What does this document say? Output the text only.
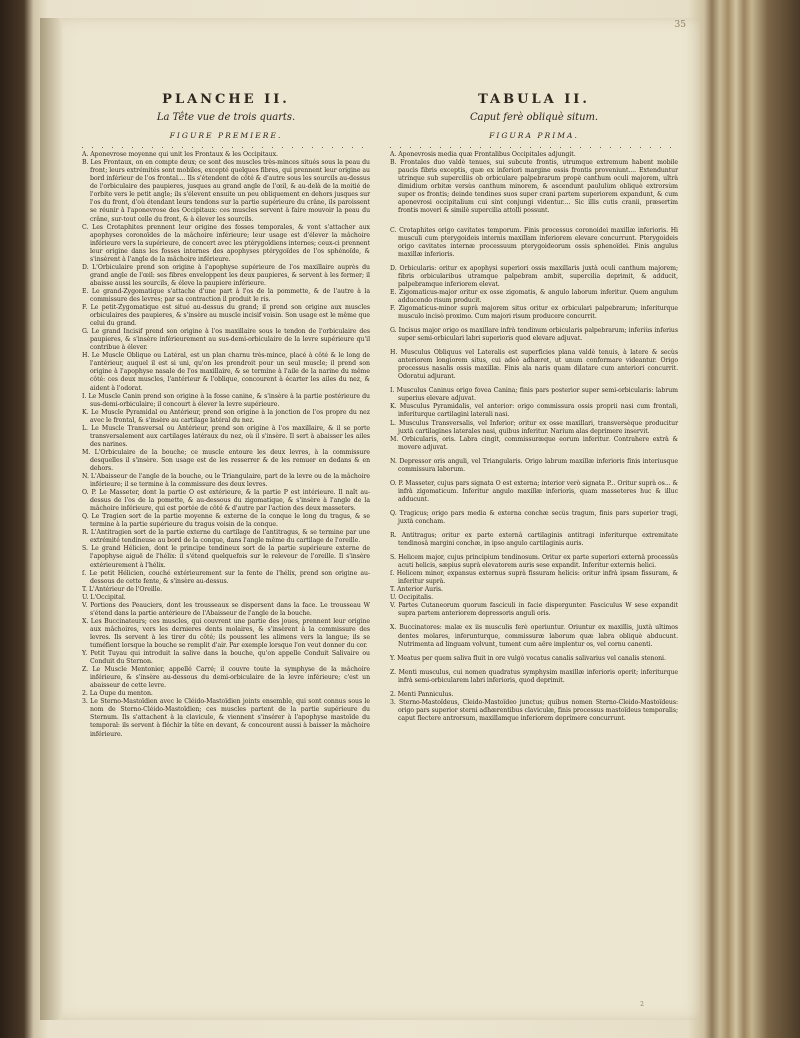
35
PLANCHE II.
La Tête vue de trois quarts.
FIGURE PREMIERE.
A. Aponevrose moyenne qui unit les Frontaux & les Occipitaux.
B. Les Frontaux, on en compte deux; ce sont des muscles très-minces situés sous la peau du front; leurs extrémités sont mobiles, excepté quelques fibres, qui prennent leur origine au bord inférieur de l'os frontal.... Ils s'étendent de côté & d'autre sous les sourcils au-dessus de l'orbiculaire des paupieres, jusques au grand angle de l'œil, & au-delà de la moitié de l'orbite vers le petit angle; ils s'élevent ensuite un peu obliquement en dehors jusques sur l'os du front, d'où étendant leurs tendons sur la partie supérieure du crâne, ils paroissent se réunir à l'aponevrose des Occipitaux: ces muscles servent à faire mouvoir la peau du crâne, sur-tout celle du front, & à élever les sourcils.
C. Les Crotaphites prennent leur origine des fosses temporales, & vont s'attacher aux apophyses coronoïdes de la mâchoire inférieure; leur usage est d'élever la mâchoire inférieure vers la supérieure, de concert avec les ptérygoïdiens internes; ceux-ci prennent leur origine dans les fosses internes des apophyses ptérygoïdes de l'os sphénoïde, & s'insèrent à l'angle de la mâchoire inférieure.
D. L'Orbiculaire prend son origine à l'apophyse supérieure de l'os maxillaire auprès du grand angle de l'œil: ses fibres enveloppent les deux paupieres, & servent à les fermer; il abaisse aussi les sourcils, & éleve la paupiere inférieure.
E. Le grand-Zygomatique s'attache d'une part à l'os de la pommette, & de l'autre à la commissure des levres; par sa contraction il produit le ris.
F. Le petit-Zygomatique est situé au-dessus du grand; il prend son origine aux muscles orbiculaires des paupieres, & s'insère au muscle incisif voisin. Son usage est le même que celui du grand.
G. Le grand Incisif prend son origine à l'os maxillaire sous le tendon de l'orbiculaire des paupieres, & s'insère inférieurement au sus-demi-orbiculaire de la levre supérieure qu'il contribue à élever.
H. Le Muscle Oblique ou Latéral, est un plan charnu très-mince, placé à côté & le long de l'antérieur, auquel il est si uni, qu'on les prendroit pour un seul muscle; il prend son origine à l'apophyse nasale de l'os maxillaire, & se termine à l'aile de la narine du même côté: ces deux muscles, l'antérieur & l'oblique, concourent à écarter les ailes du nez, & aident à l'odorat.
I. Le Muscle Canin prend son origine à la fosse canine, & s'insère à la partie postérieure du sus-demi-orbiculaire; il concourt à élever la levre supérieure.
K. Le Muscle Pyramidal ou Antérieur, prend son origine à la jonction de l'os propre du nez avec le frontal, & s'insère au cartilage latéral du nez.
L. Le Muscle Transversal ou Antérieur, prend son origine à l'os maxillaire, & il se porte transversalement aux cartilages latéraux du nez, où il s'insère. Il sert à abaisser les ailes des narines.
M. L'Orbiculaire de la bouche; ce muscle entoure les deux levres, à la commissure desquelles il s'insère. Son usage est de les resserrer & de les remuer en dedans & en dehors.
N. L'Abaisseur de l'angle de la bouche, ou le Triangulaire, part de la levre ou de la mâchoire inférieure; il se termine à la commissure des deux levres.
O. P. Le Masseter, dont la partie O est extérieure, & la partie P est intérieure. Il naît au-dessus de l'os de la pomette, & au-dessous du zigomatique, & s'insère à l'angle de la mâchoire inférieure, qui est portée de côté & d'autre par l'action des deux masseters.
Q. Le Tragien sort de la partie moyenne & externe de la conque le long du tragus, & se termine à la partie supérieure du tragus voisin de la conque.
R. L'Antitragien sort de la partie externe du cartilage de l'antitragus, & se termine par une extrémité tendineuse au bord de la conque, dans l'angle même du cartilage de l'oreille.
S. Le grand Hélicien, dont le principe tendineux sort de la partie supérieure externe de l'apophyse aiguë de l'hélix: il s'étend quelquefois sur le releveur de l'oreille. Il s'insère extérieurement à l'hélix.
ſ. Le petit Hélicien, couché extérieurement sur la fente de l'hélix, prend son origine au-dessous de cette fente, & s'insère au-dessus.
T. L'Antérieur de l'Oreille.
U. L'Occipital.
V. Portions des Peauciers, dont les trousseaux se dispersent dans la face. Le trousseau W s'étend dans la partie antérieure de l'Abaisseur de l'angle de la bouche.
X. Les Buccinateurs; ces muscles, qui couvrent une partie des joues, prennent leur origine aux mâchoires, vers les dernieres dents molaires, & s'insèrent à la commissure des levres. Ils servent à les tirer du côté; ils poussent les alimens vers la langue; ils se tuméfient lorsque la bouche se remplit d'air. Par exemple lorsque l'on veut donner du cor.
Y. Petit Tuyau qui introduit la salive dans la bouche, qu'on appelle Conduit Salivaire ou Conduit du Sternon.
Z. Le Muscle Mentonier, appellé Carré; il couvre toute la symphyse de la mâchoire inférieure, & s'insère au-dessous du demi-orbiculaire de la levre inférieure; c'est un abaisseur de cette levre.
2. La Oupe du menton.
3. Le Sterno-Mastoïdien avec le Cléido-Mastoïdien joints ensemble, qui sont connus sous le nom de Sterno-Cléido-Mastoïdien; ces muscles partent de la partie supérieure du Sternum. Ils s'attachent à la clavicule, & viennent s'insérer à l'apophyse mastoïde du temporal: ils servent à fléchir la tête en devant, & concourent aussi à baisser la mâchoire inférieure.
TABULA II.
Caput ferè obliquè situm.
FIGURA PRIMA.
A. Aponevrosis media quæ Frontalibus Occipitales adjungit.
B. Frontales duo valdè tenues, sui subcute frontis, utrumque extremum habent mobile paucis fibris exceptis, quæ ex inferiori margine ossis frontis proveniunt.... Extenduntur utrinque sub superciliis ob orbiculare palpebrarum propè canthum oculi majorem, ultrà dimidium orbitæ versùs canthum minorem, & ascendunt paululùm obliquè extrorsùm super os frontis; deinde tendines suos super crani partem superiorem expandunt, & cum aponevrosi occipitalium cui sint conjungi videntur.... Sic illis cutis cranii, præsertim frontis moveri & similè supercilia attolli possunt.
C. Crotaphites origo cavitates temporum. Finis processus coronoidei maxillæ inferioris. Hi musculi cum pterygoideis internis maxillam inferiorem elevare concurrunt. Pterygoideis origo cavitates internæ processuum pterygoideorum ossis sphenoïdei. Finis angulus maxillæ inferioris.
D. Orbicularis: oritur ex apophysi superiori ossis maxillaris juxtà oculi canthum majorem; fibris orbicularibus utramque palpebram ambit, supercilia deprimit, & adducit, palpebramque inferiorem elevat.
E. Zigomaticus-major oritur ex osse zigomatis, & angulo laborum inferitur. Quem angulum adducendo risum producit.
F. Zigomaticus-minor suprà majorem situs oritur ex orbiculari palpebrarum; inferiturque musculo incisò proximo. Cum majori risum producere concurrit.
G. Incisus major origo os maxillare infrà tendinum orbicularis palpebrarum; inferiùs inferius super semi-orbiculari labri superioris quod elevare adjuvat.
H. Musculus Obliquus vel Lateralis est superficies plana valdè tenuis, à latere & secùs anteriorem longiorem situs, cui adeò adhæret, ut unum conformare videantur. Origo processus nasalis ossis maxillæ. Finis ala naris quam dilatare cum anteriori concurrit. Odoratui adjurant.
I. Musculus Caninus origo fovea Canina; finis pars posterior super semi-orbicularis: labrum superius elevare adjuvat.
K. Musculus Pyramidalis, vel anterior: origo commissura ossis proprii nasi cum frontali, inferiturque cartilagini laterali nasi.
L. Musculus Transversalis, vel Inferior; oritur ex osse maxillari, transversèque producitur juxtà cartilagines laterales nasi, quibus inferitur. Narium alas deprimere inservit.
M. Orbicularis, oris. Labra cingit, commissuræque eorum inferitur. Contrahere extrà & movere adjuvat.
N. Depressor oris anguli, vel Triangularis. Origo labrum maxillæ inferioris finis interiusque commissura laborum.
O. P. Masseter, cujus pars signata O est externa; interior verò signata P... Oritur suprà os... & infrà zigomaticum. Inferitur angulo maxillæ inferioris, quam masseteres huc & illuc adducunt.
Q. Tragicus; origo pars media & externa conchæ secùs tragum, finis pars superior tragi, juxtà concham.
R. Antitragus; oritur ex parte externâ cartilaginis antitragi inferiturque extremitate tendinosâ margini conchæ, in ipso angulo cartilaginis auris.
S. Helicem major, cujus principium tendinosum. Oritur ex parte superiori externâ processûs acuti helicis, sæpius suprà elevatorem auris sese expandit. Inferitur externis helici.
ſ. Helicem minor, expansus externus suprà fissuram helicis: oritur infrà ipsam fissuram, & inferitur suprà.
T. Anterior Auris.
U. Occipitalis.
V. Partes Cutaneorum quorum fasciculi in facie dispergunter. Fasciculus W sese expandit supra partem anteriorem depressoris anguli oris.
X. Buccinatores: malæ ex iis musculis ferè operiuntur. Oriuntur ex maxillis, juxtà ultimos dentes molares, inferunturque, commissuræ laborum quæ labra obliquè abducunt. Nutrimenta ad linguam volvunt, tument cum aëre implentur os, vel cornu canenti.
Y. Meatus per quem saliva fluit in ore vulgò vocatus canalis salivarius vel canalis stenoni.
Z. Menti musculus, cui nomen quadratus symphysim maxillæ inferioris operit; inferiturque infrà semi-orbicularem labri inferioris, quod deprimit.
2. Menti Panniculus.
3. Sterno-Mastoïdeus, Cleido-Mastoïdeo junctus; quibus nomen Sterno-Cleido-Mastoïdeus: origo pars superior sterni adhærentibus claviculæ, finis processus mastoïdeus temporalis; caput flectere antrorsum, maxillamque inferiorem deprimere concurrunt.
2
